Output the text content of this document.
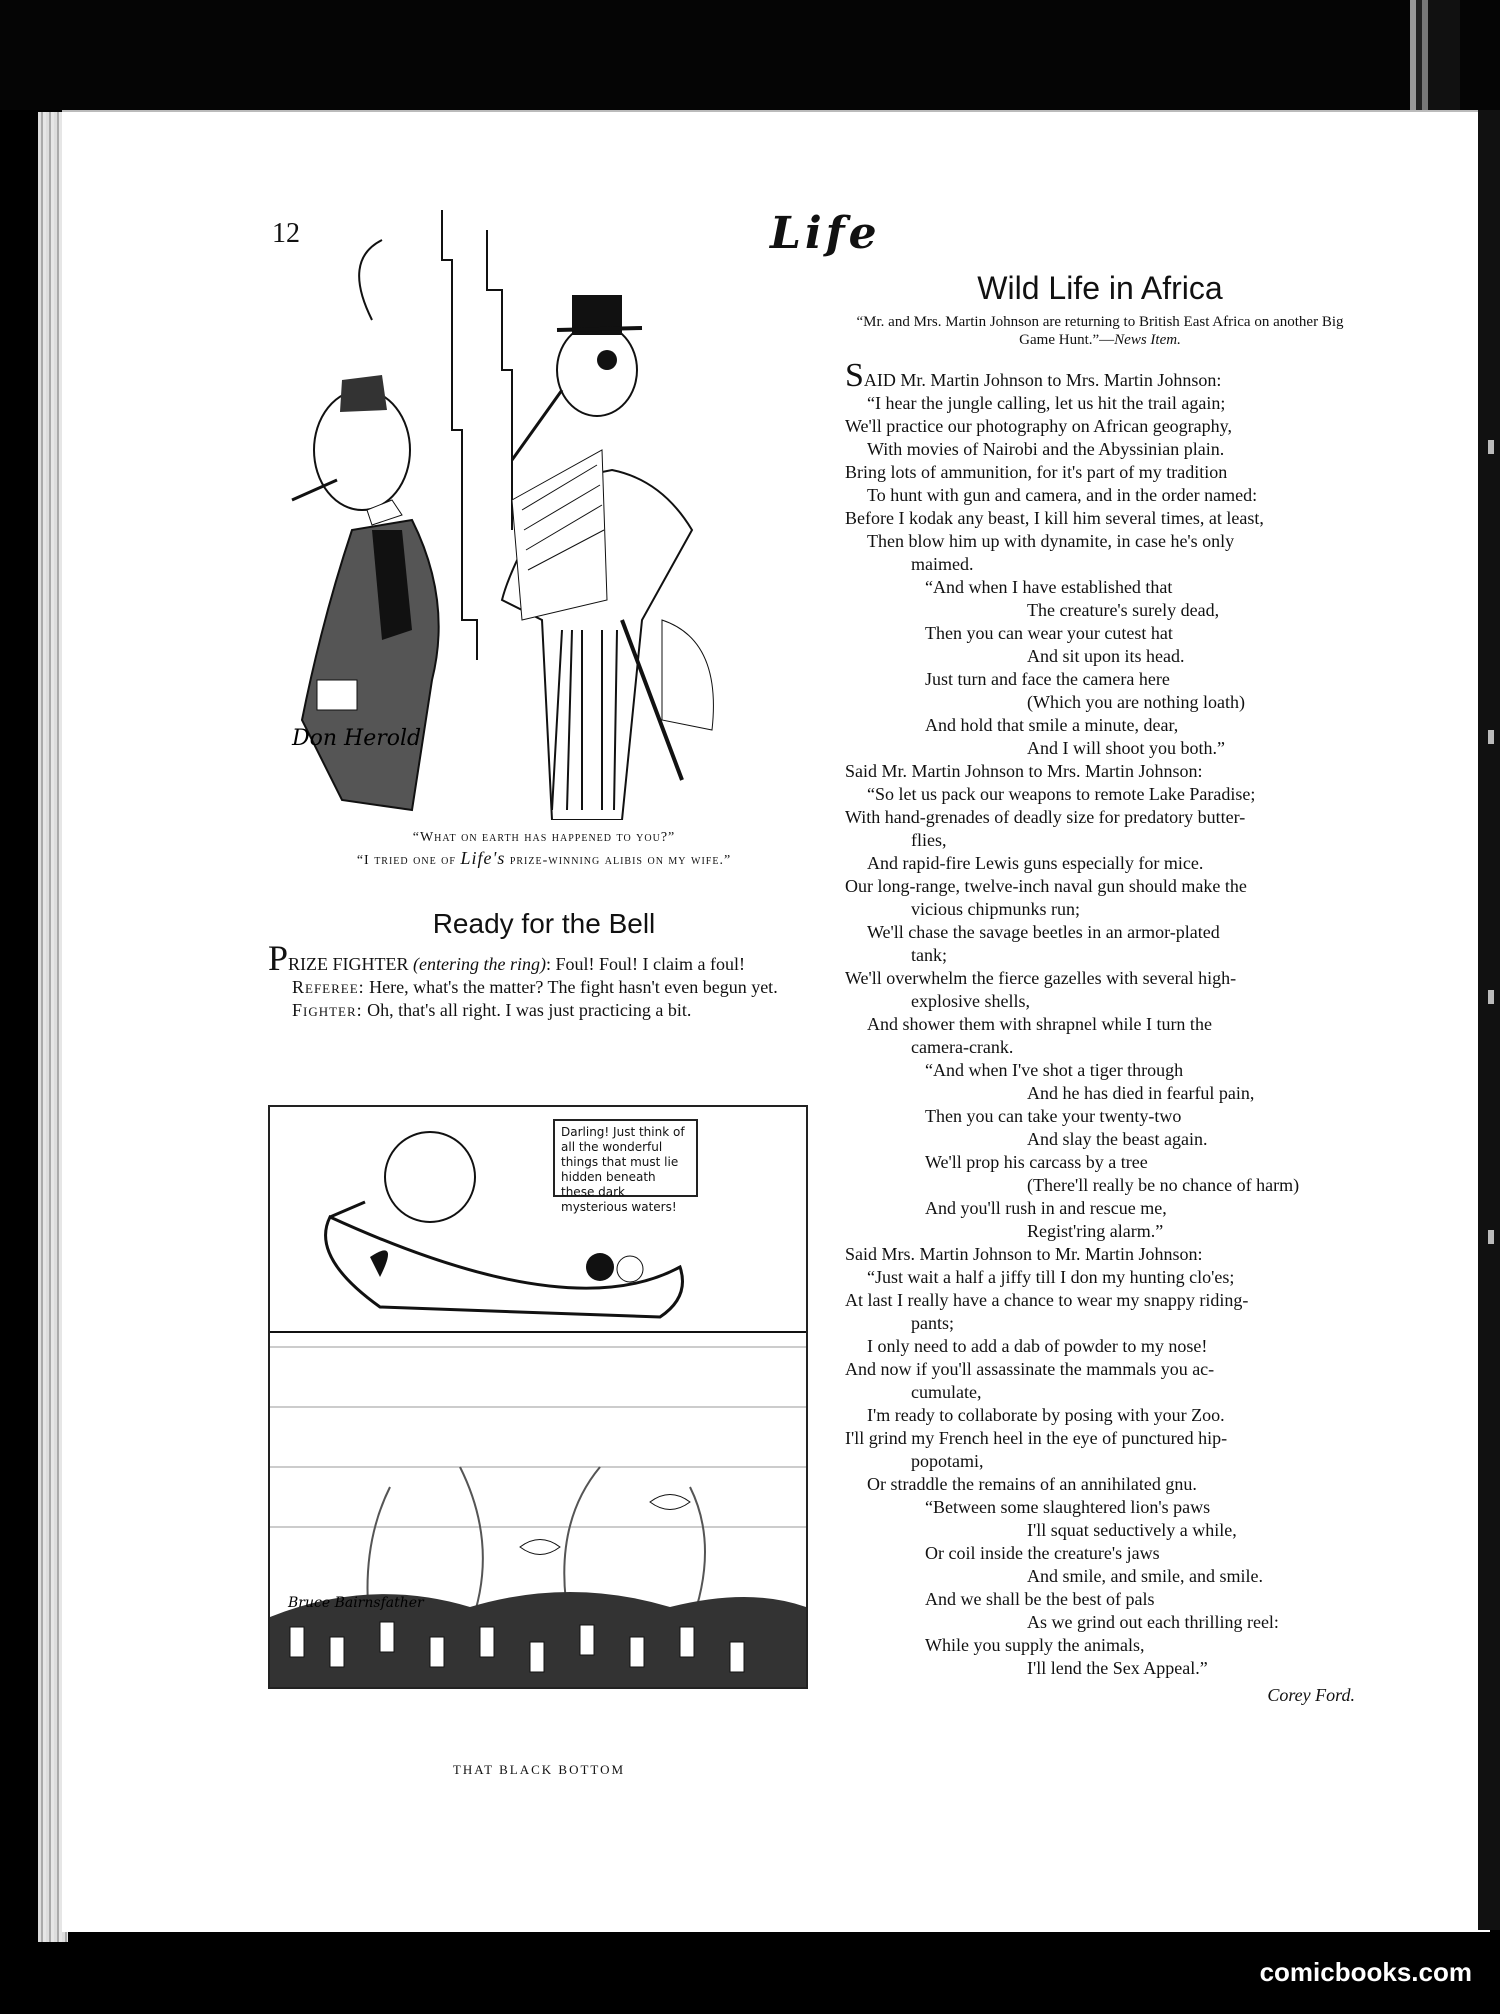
12	Life
Don Herold
“What on earth has happened to you?”
“I tried one of Life's prize-winning alibis on my wife.”
Ready for the Bell

PRIZE FIGHTER (entering the ring): Foul! Foul! I claim a foul!

Referee: Here, what's the matter? The fight hasn't even begun yet.

Fighter: Oh, that's all right. I was just practicing a bit.

Bruce Bairnsfather
Darling! Just think of all the wonderful things that must lie hidden beneath these dark mysterious waters!
THAT BLACK BOTTOM
Wild Life in Africa
“Mr. and Mrs. Martin Johnson are returning to British East Africa on another Big Game Hunt.”—News Item.
SAID Mr. Martin Johnson to Mrs. Martin Johnson:
“I hear the jungle calling, let us hit the trail again;
We'll practice our photography on African geography,
With movies of Nairobi and the Abyssinian plain.
Bring lots of ammunition, for it's part of my tradition
To hunt with gun and camera, and in the order named:
Before I kodak any beast, I kill him several times, at least,
Then blow him up with dynamite, in case he's only
maimed.
“And when I have established that
The creature's surely dead,
Then you can wear your cutest hat
And sit upon its head.
Just turn and face the camera here
(Which you are nothing loath)
And hold that smile a minute, dear,
And I will shoot you both.”
Said Mr. Martin Johnson to Mrs. Martin Johnson:
“So let us pack our weapons to remote Lake Paradise;
With hand-grenades of deadly size for predatory butter-
flies,
And rapid-fire Lewis guns especially for mice.
Our long-range, twelve-inch naval gun should make the
vicious chipmunks run;
We'll chase the savage beetles in an armor-plated
tank;
We'll overwhelm the fierce gazelles with several high-
explosive shells,
And shower them with shrapnel while I turn the
camera-crank.
“And when I've shot a tiger through
And he has died in fearful pain,
Then you can take your twenty-two
And slay the beast again.
We'll prop his carcass by a tree
(There'll really be no chance of harm)
And you'll rush in and rescue me,
Regist'ring alarm.”
Said Mrs. Martin Johnson to Mr. Martin Johnson:
“Just wait a half a jiffy till I don my hunting clo'es;
At last I really have a chance to wear my snappy riding-
pants;
I only need to add a dab of powder to my nose!
And now if you'll assassinate the mammals you ac-
cumulate,
I'm ready to collaborate by posing with your Zoo.
I'll grind my French heel in the eye of punctured hip-
popotami,
Or straddle the remains of an annihilated gnu.
“Between some slaughtered lion's paws
I'll squat seductively a while,
Or coil inside the creature's jaws
And smile, and smile, and smile.
And we shall be the best of pals
As we grind out each thrilling reel:
While you supply the animals,
I'll lend the Sex Appeal.”
Corey Ford.
comicbooks.com
